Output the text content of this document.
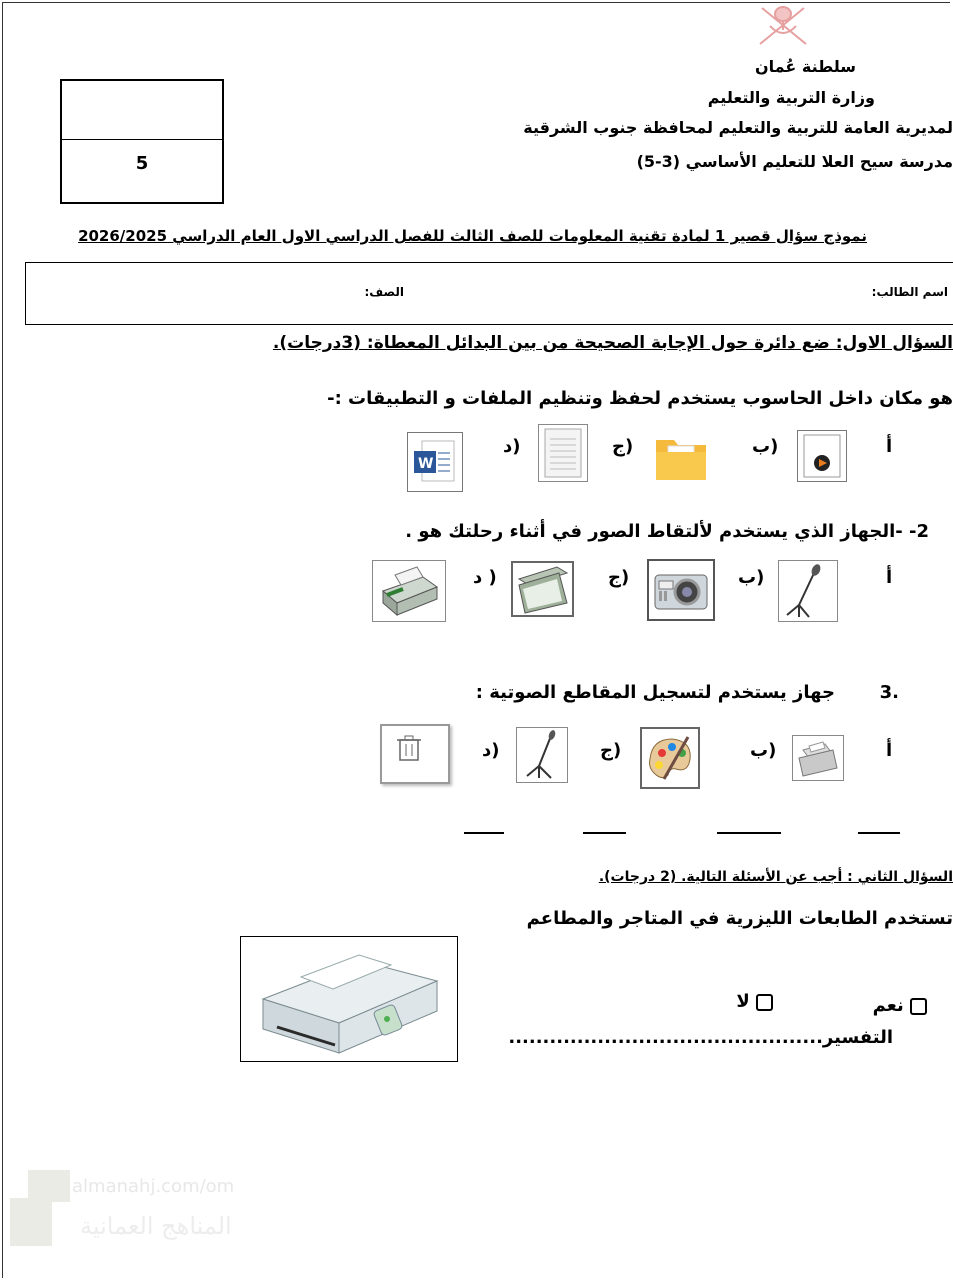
سلطنة عُمان
وزارة التربية والتعليم
لمديرية العامة للتربية والتعليم لمحافظة جنوب الشرقية
مدرسة سيح العلا للتعليم الأساسي (3-5)
5
نموذج سؤال قصير 1 لمادة تقنية المعلومات للصف الثالث للفصل الدراسي الاول العام الدراسي 2026/2025
اسم الطالب:
الصف:
السؤال الاول: ضع دائرة حول الإجابة الصحيحة من بين البدائل المعطاة: (3درجات).
هو مكان داخل الحاسوب يستخدم لحفظ وتنظيم الملفات و التطبيقات :-
أ
ب)
ج)
د)
W
2- -الجهاز الذي يستخدم لألتقاط الصور في أثناء رحلتك هو .
أ
ب)
ج)
د )
.3
جهاز يستخدم لتسجيل المقاطع الصوتية :
أ
ب)
ج)
د)
السؤال الثاني : أجب عن الأسئلة التالية. (2 درجات).
تستخدم الطابعات الليزرية في المتاجر والمطاعم
نعم
لا
التفسير..............................................
almanahj.com/om
المناهج العمانية
